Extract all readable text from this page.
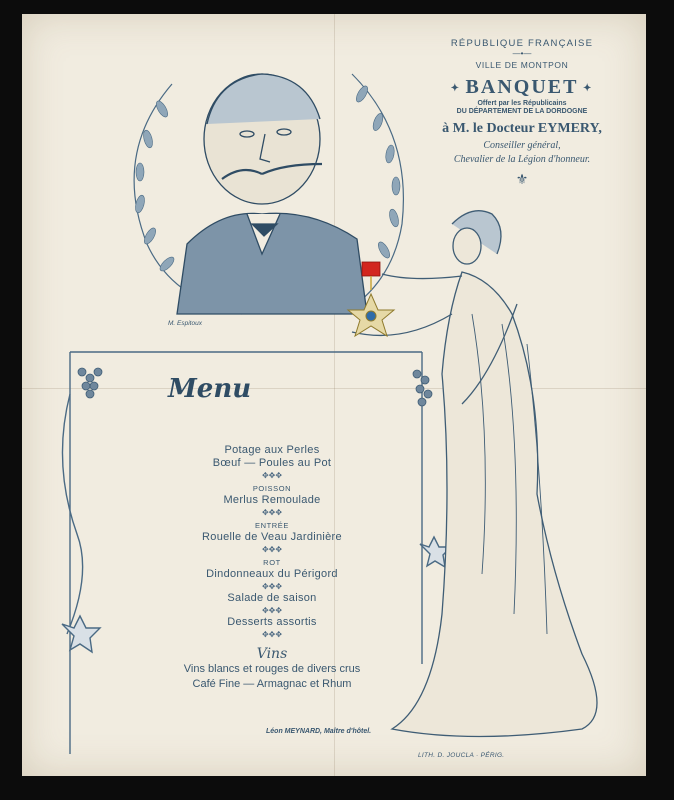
M. Espitoux
RÉPUBLIQUE FRANÇAISE
—•—
VILLE DE MONTPON
✦ BANQUET ✦
Offert par les Républicains
DU DÉPARTEMENT DE LA DORDOGNE
à M. le Docteur EYMERY,
Conseiller général,
Chevalier de la Légion d'honneur.
⚜
Menu
Potage aux Perles
Bœuf — Poules au Pot
✥✥✥
POISSON
Merlus Remoulade
✥✥✥
ENTRÉE
Rouelle de Veau Jardinière
✥✥✥
ROT
Dindonneaux du Périgord
✥✥✥
Salade de saison
✥✥✥
Desserts assortis
✥✥✥
Vins
Vins blancs et rouges de divers crus
Café Fine — Armagnac et Rhum
Léon MEYNARD, Maître d'hôtel.
LITH. D. JOUCLA · PÉRIG.
